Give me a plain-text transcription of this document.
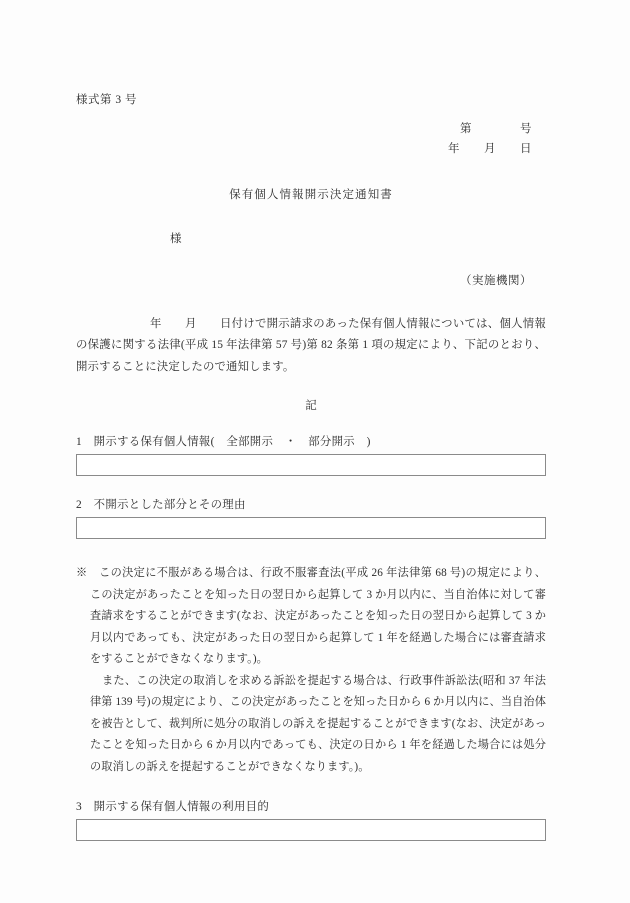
様式第 3 号
第　　　　号
年　　月　　日
保有個人情報開示決定通知書
様
（実施機関）
年　　月　　日付けで開示請求のあった保有個人情報については、個人情報の保護に関する法律(平成 15 年法律第 57 号)第 82 条第 1 項の規定により、下記のとおり、開示することに決定したので通知します。
記
1　開示する保有個人情報(　全部開示　・　部分開示　)
2　不開示とした部分とその理由
※　この決定に不服がある場合は、行政不服審査法(平成 26 年法律第 68 号)の規定により、この決定があったことを知った日の翌日から起算して 3 か月以内に、当自治体に対して審査請求をすることができます(なお、決定があったことを知った日の翌日から起算して 3 か月以内であっても、決定があった日の翌日から起算して 1 年を経過した場合には審査請求をすることができなくなります。)。
また、この決定の取消しを求める訴訟を提起する場合は、行政事件訴訟法(昭和 37 年法律第 139 号)の規定により、この決定があったことを知った日から 6 か月以内に、当自治体を被告として、裁判所に処分の取消しの訴えを提起することができます(なお、決定があったことを知った日から 6 か月以内であっても、決定の日から 1 年を経過した場合には処分の取消しの訴えを提起することができなくなります。)。
3　開示する保有個人情報の利用目的
